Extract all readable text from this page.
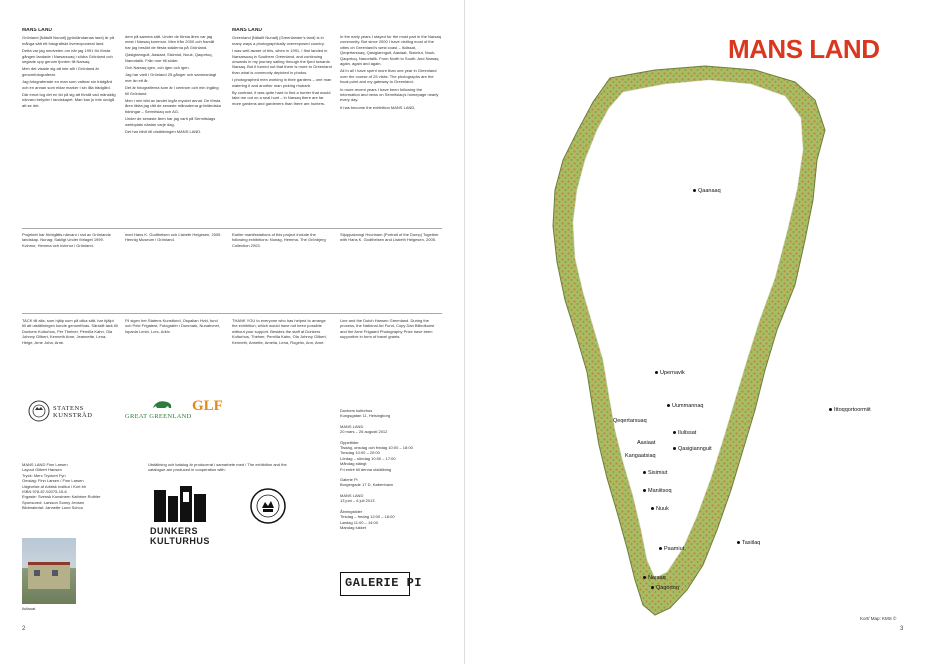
MANS LAND

Grönland [Nâlalît Nunait] (grönländarnas land) är på många sätt ett fotografiskt överexponerat land.

Detta var jag medveten om när jag 1991 för första gången landade i Narsarsuaq i södra Grönland och seglade upp genom fjorden till Narsaq.

Men det visade sig att inte allt i Grönland är genomfotograferat.

Jag fotograferade en man som vattnar sin trädgård och en annan som eldar marker i sin lilla trädgård.

Där emot tog det en tid på sig att förstå vad mänsklig närvaro betyder i landskapet. Man kan ju inte undgå att se det.

dem på samma sätt. Under de första åren var jag mest i Narsaq kommun. Men från 2000 och framåt har jag besökt de flesta städerna på Grönland.

Qasigiannguit, Aasiaat, Sisimiut, Nuuk, Qaqortoq, Nanortalik. Från norr till söder.

Och Narsaq igen, och igen och igen.

Jag har varit i Grönland 25 gånger och sammanlagt mer än ett år.

Det är fotografierna som är i centrum och min ingång till Grönland.

Men i min bild av landet ingår mycket annat. De första åren lästa jag rätt de senaste månaderna grönländska tidningar – Sermitsiaq och AG.

Under de senaste åren har jag varit på Sermitsiags webbplats nästan varje dag.

Det har blivit till utställningen MANS LAND.

MANS LAND

Greenland [Nâlalît Nunait] (Greenlander's land) is in many ways a photographically overexposed country.

I was well aware of this, when in 1991, I first landed in Narsarsuaq in Southern Greenland, and continuing onwards in my journey sailing through the fjord towards Narsaq. But it turned out that there is more to Greenland than what is commonly depicted in photos.

I photographed men working in their gardens – one man watering it and another man picking rhubarb.

By contrast, it was quite hard to find a hunter that would take me out on a seal hunt – in Narsaq there are far more gardens and gardeners than there are hunters.

In the early years I stayed for the most part in the Narsaq community. But since 2000 I have visiting most of the cities on Greenland's west coast – Ilulissat, Qeqertarsuaq, Qasigiannguit, Aasiaat, Sisimiut, Nuuk, Qaqortoq, Nanortalik. From North to South. And Narsaq again, again and again.

All in all I have spent more than one year in Greenland over the course of 25 visits. The photographs are the focal point and my gateway to Greenland.

In more recent years I have been following the information and news on Sermitsiaq's homepage nearly every day.

It has become the exhibition MANS LAND.

Projektet har förbigåtts närvaro i rad av Grönlands landskap. Nunag: Sakligt Under förlaget 1999. Kvinnor, Hemma och kvinnor i Grönland.

med Hans K. Godthelsen och Lisbeth Helgesen, 2005 Hennig Museum i Grönland.

Earlier manifestations of this project include the following exhibitions: Nunag, Hemma. The Grönbjerg Collection 2003.

Stjuppalonngi Hvorinam (Portrait of the Dump) Together with Hans K. Godthelsen and Lisbeth Helgesen, 2005.

TACK till alla, som hjälp som på olika sätt, har hjälpt till att utställningen kunde genomföras. Särskilt tack till Dunkers Kulturhus, Per Thelner, Pernilla Kahn, Ola Johnny Gilbert, Kenneth Arne, Jeannette, Lena, Helge, Arne Joha, Arne.

Fil sigen her Statens Kunstfond, Ospalian Hvid, fund och Pele Frigatest, Fotografer i Dunmark, Nunahvnet, Ispania Lenin, Lorc, Arkiv.

THANK YOU to everyone who has helped to arrange the exhibition, which would have not been possible without your support. Besides the staff at Dunkers Kulturhus, Thelner, Pernilla Kahn, Ola Johnny Gilbert, Kenneth, Annette, Amelia, Lena, Rogelio, Ann, Arne.

Line and the Dutch Hansen Greenland. During the process, the National Art Fund, Copy Dan Billedkunst and the Arne Frigaard Photography Prize have been supportive in form of travel grants.

STATENS KUNSTRÅD	GREAT GREENLAND
GLF
MANS LAND Finn Larsen
Layout Gilbert Hansen
Tryck: Merc Tryckeri Fyn
Omslag: Finn Larsen / Finn Larsen
Udgivelse af Arktisk Institut / Kort bh
ISBN 978-87-92075-15-6
Ergaste: Svensk Kunstnern Kathrine Ruthler
Sponsored: Larsson Sonny Jensen
Bildmaterial: Jannette Lund Schou
Ilulissat

Utställning och katalog är producerat i samarbete med / The exhibition and the catalogue are produced in cooperation with:

DUNKERS
KULTURHUS
Dunkers kulturhus
Kungsgatan 11, Helsingborg
MANS LAND
20 mars – 26 augusti 2012
Öppettider
Tisdag, onsdag och fredag 10:00 – 18:00
Torsdag 10:00 – 20:00
Lördag – söndag 10:00 – 17:00
Måndag stängt
Fri entré till denna utställning
Galerie Pi
Borgergade 17 D, København
MANS LAND
13 juni – 6 juli 2013
Åbningstider
Tirsdag – fredag 12:00 – 18:00
Lørdag 11:00 – 14:00
Mandag lukket
GALERIE PI
2
MANS LAND
Qaanaaq
Upernavik
Uummannaq
Ittoqqortoormiit
Qeqertarsuaq
Ilulissat
Aasiaat
Qasigiannguit
Kangaatsiaq
Sisimiut
Maniitsoq
Nuuk
Paamiut
Narsaq
Qaqortoq
Tasiilaq
Kort/ Map: KMS ©
3
